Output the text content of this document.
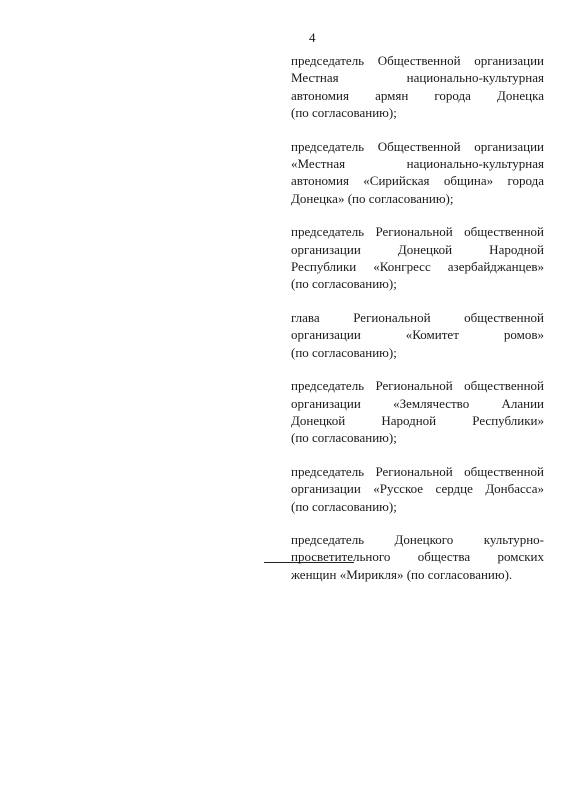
4
председатель Общественной организации
Местная национально-культурная
автономия армян города Донецка
(по согласованию);
председатель Общественной организации
«Местная национально-культурная
автономия «Сирийская община» города
Донецка» (по согласованию);
председатель Региональной общественной
организации Донецкой Народной
Республики «Конгресс азербайджанцев»
(по согласованию);
глава Региональной общественной
организации «Комитет ромов»
(по согласованию);
председатель Региональной общественной
организации «Землячество Алании
Донецкой Народной Республики»
(по согласованию);
председатель Региональной общественной
организации «Русское сердце Донбасса»
(по согласованию);
председатель Донецкого культурно-
просветительного общества ромских
женщин «Мирикля» (по согласованию).
